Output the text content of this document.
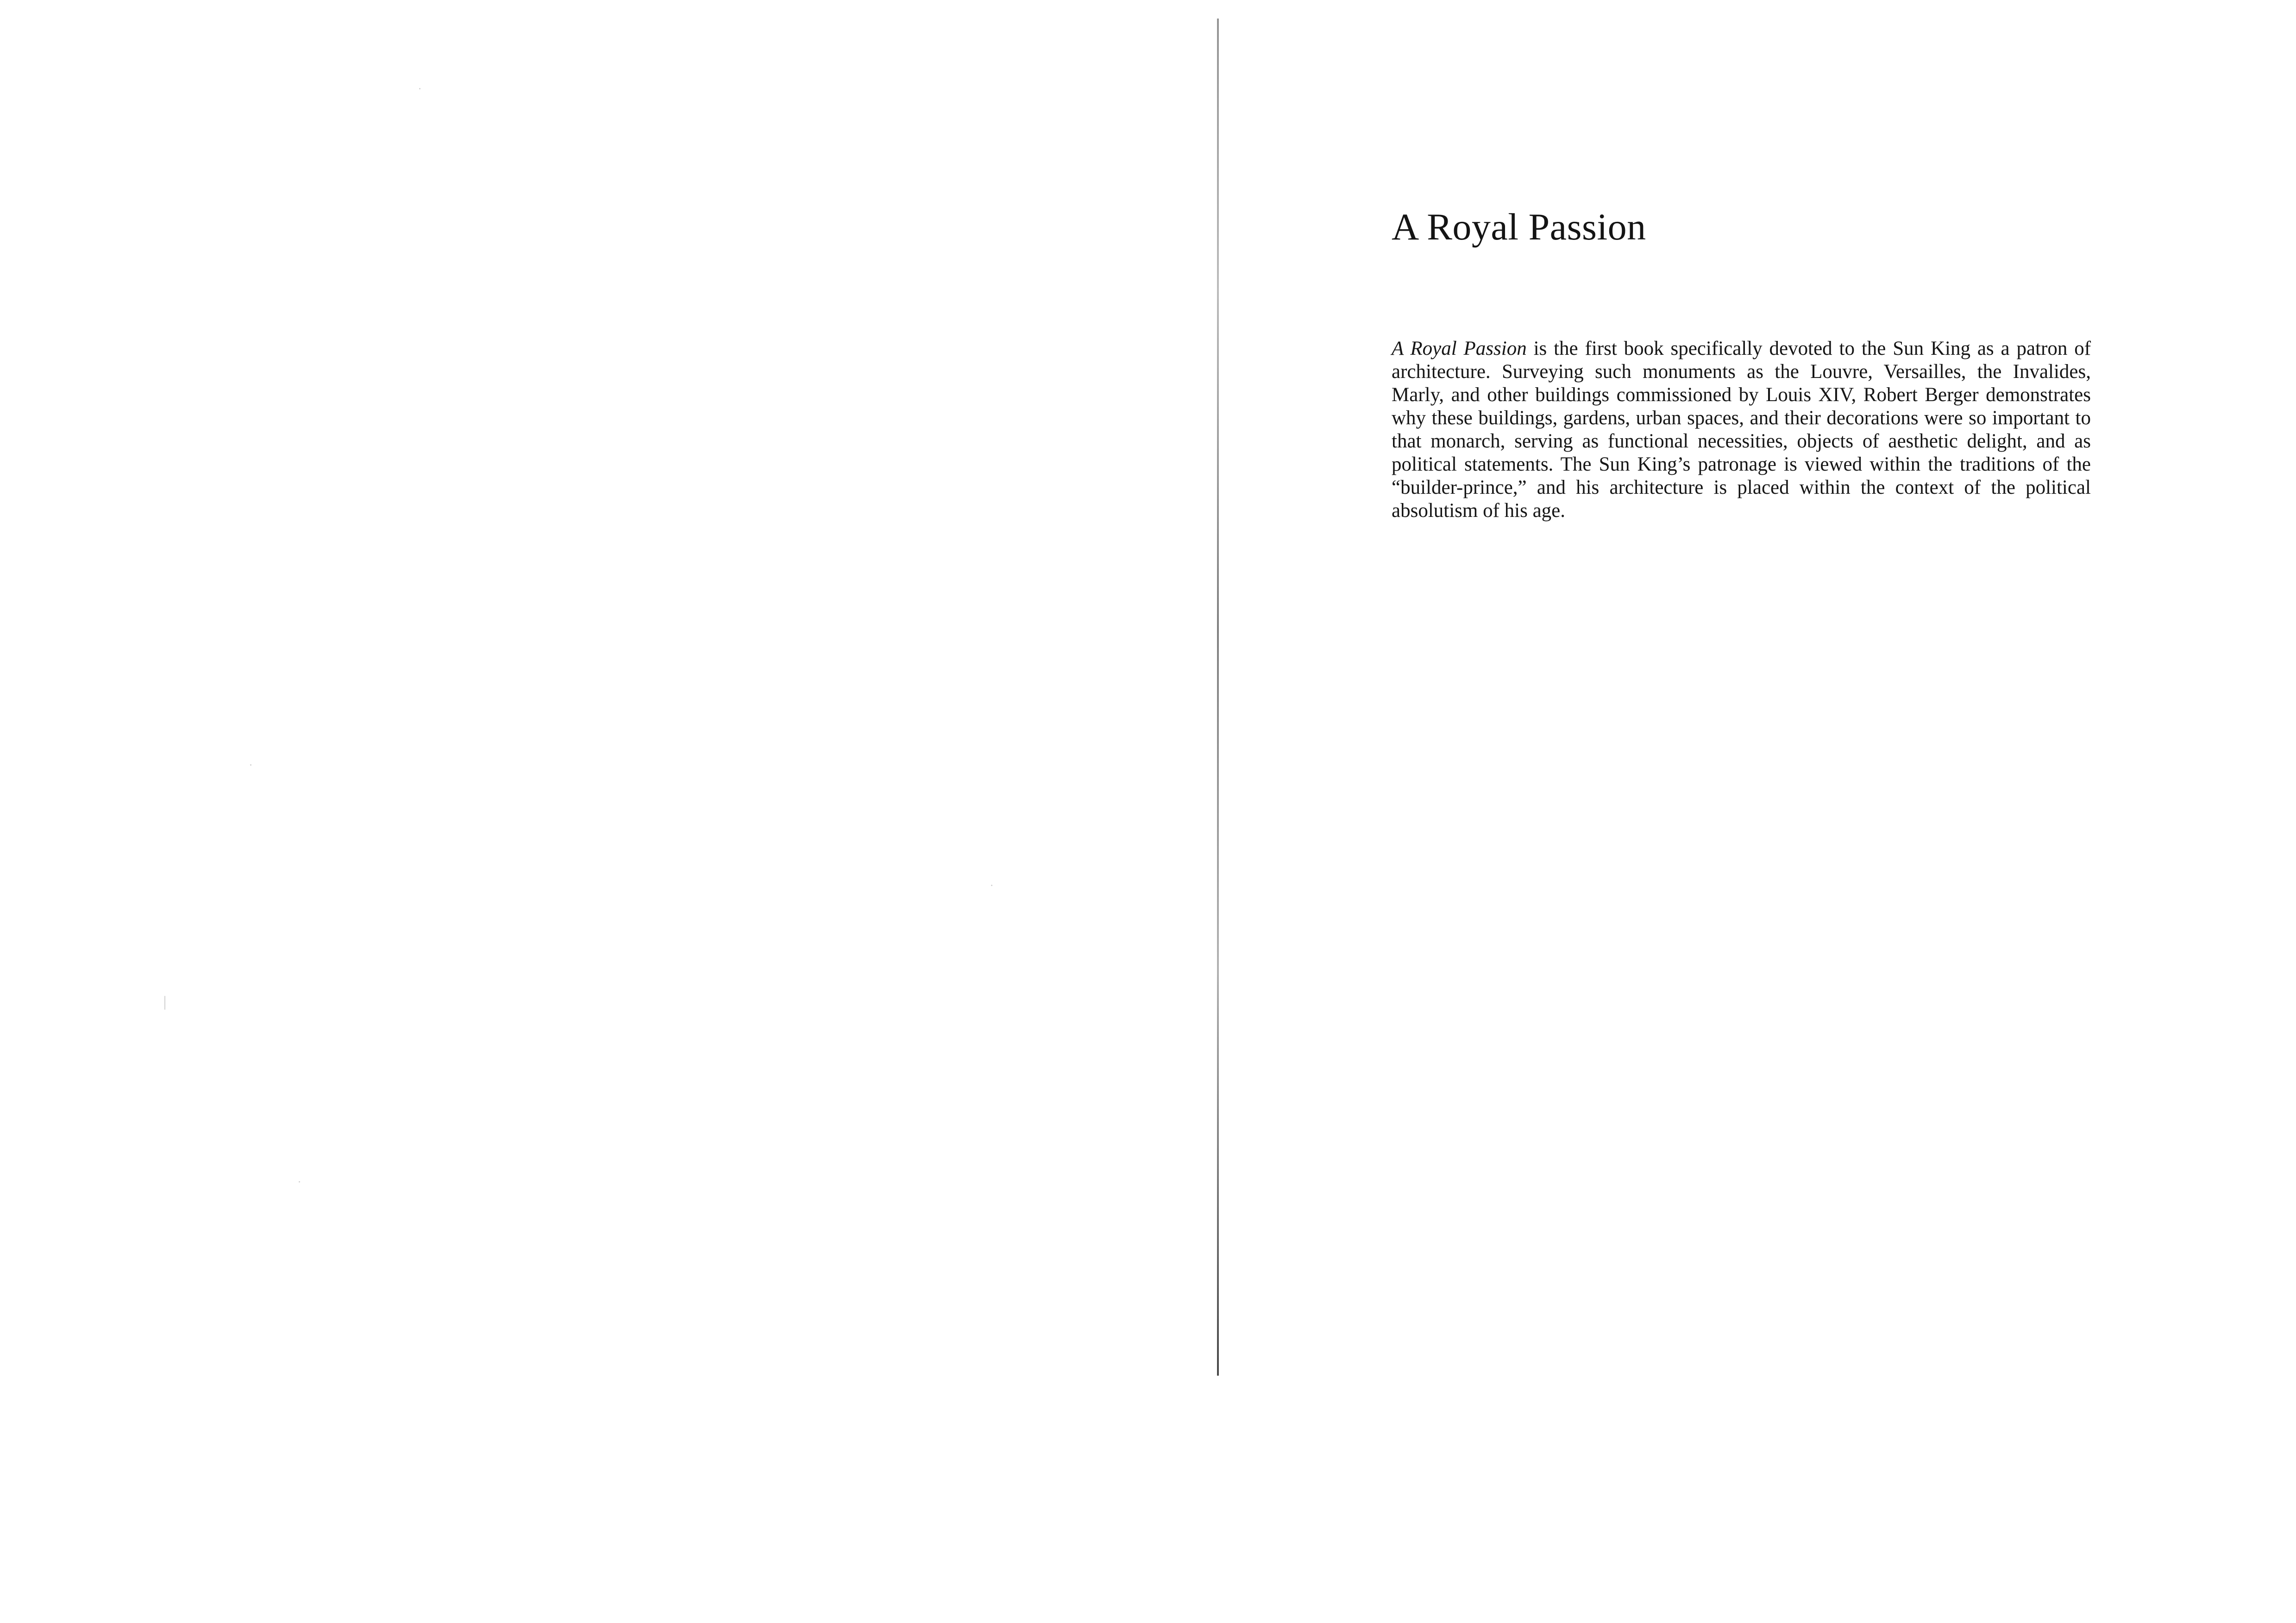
A Royal Passion

A Royal Passion is the first book specifically devoted to the Sun King as a patron of architecture. Surveying such monuments as the Louvre, Versailles, the Invalides, Marly, and other buildings commissioned by Louis XIV, Robert Berger demonstrates why these buildings, gardens, urban spaces, and their decorations were so important to that monarch, serving as functional necessities, objects of aesthetic delight, and as political statements. The Sun King’s patronage is viewed within the traditions of the “builder-prince,” and his architecture is placed within the context of the political absolutism of his age.
